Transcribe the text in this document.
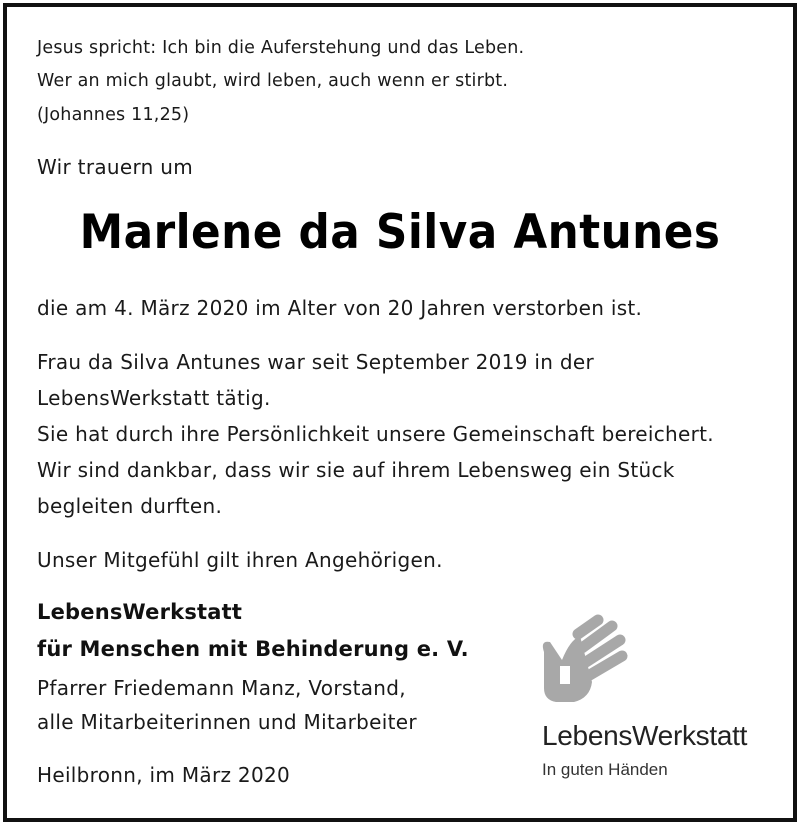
Jesus spricht: Ich bin die Auferstehung und das Leben.
Wer an mich glaubt, wird leben, auch wenn er stirbt.
(Johannes 11,25)
Wir trauern um
Marlene da Silva Antunes
die am 4. März 2020 im Alter von 20 Jahren verstorben ist.
Frau da Silva Antunes war seit September 2019 in der
LebensWerkstatt tätig.
Sie hat durch ihre Persönlichkeit unsere Gemeinschaft bereichert.
Wir sind dankbar, dass wir sie auf ihrem Lebensweg ein Stück
begleiten durften.
Unser Mitgefühl gilt ihren Angehörigen.
LebensWerkstatt
für Menschen mit Behinderung e. V.
Pfarrer Friedemann Manz, Vorstand,
alle Mitarbeiterinnen und Mitarbeiter
Heilbronn, im März 2020
LebensWerkstatt
In guten Händen
